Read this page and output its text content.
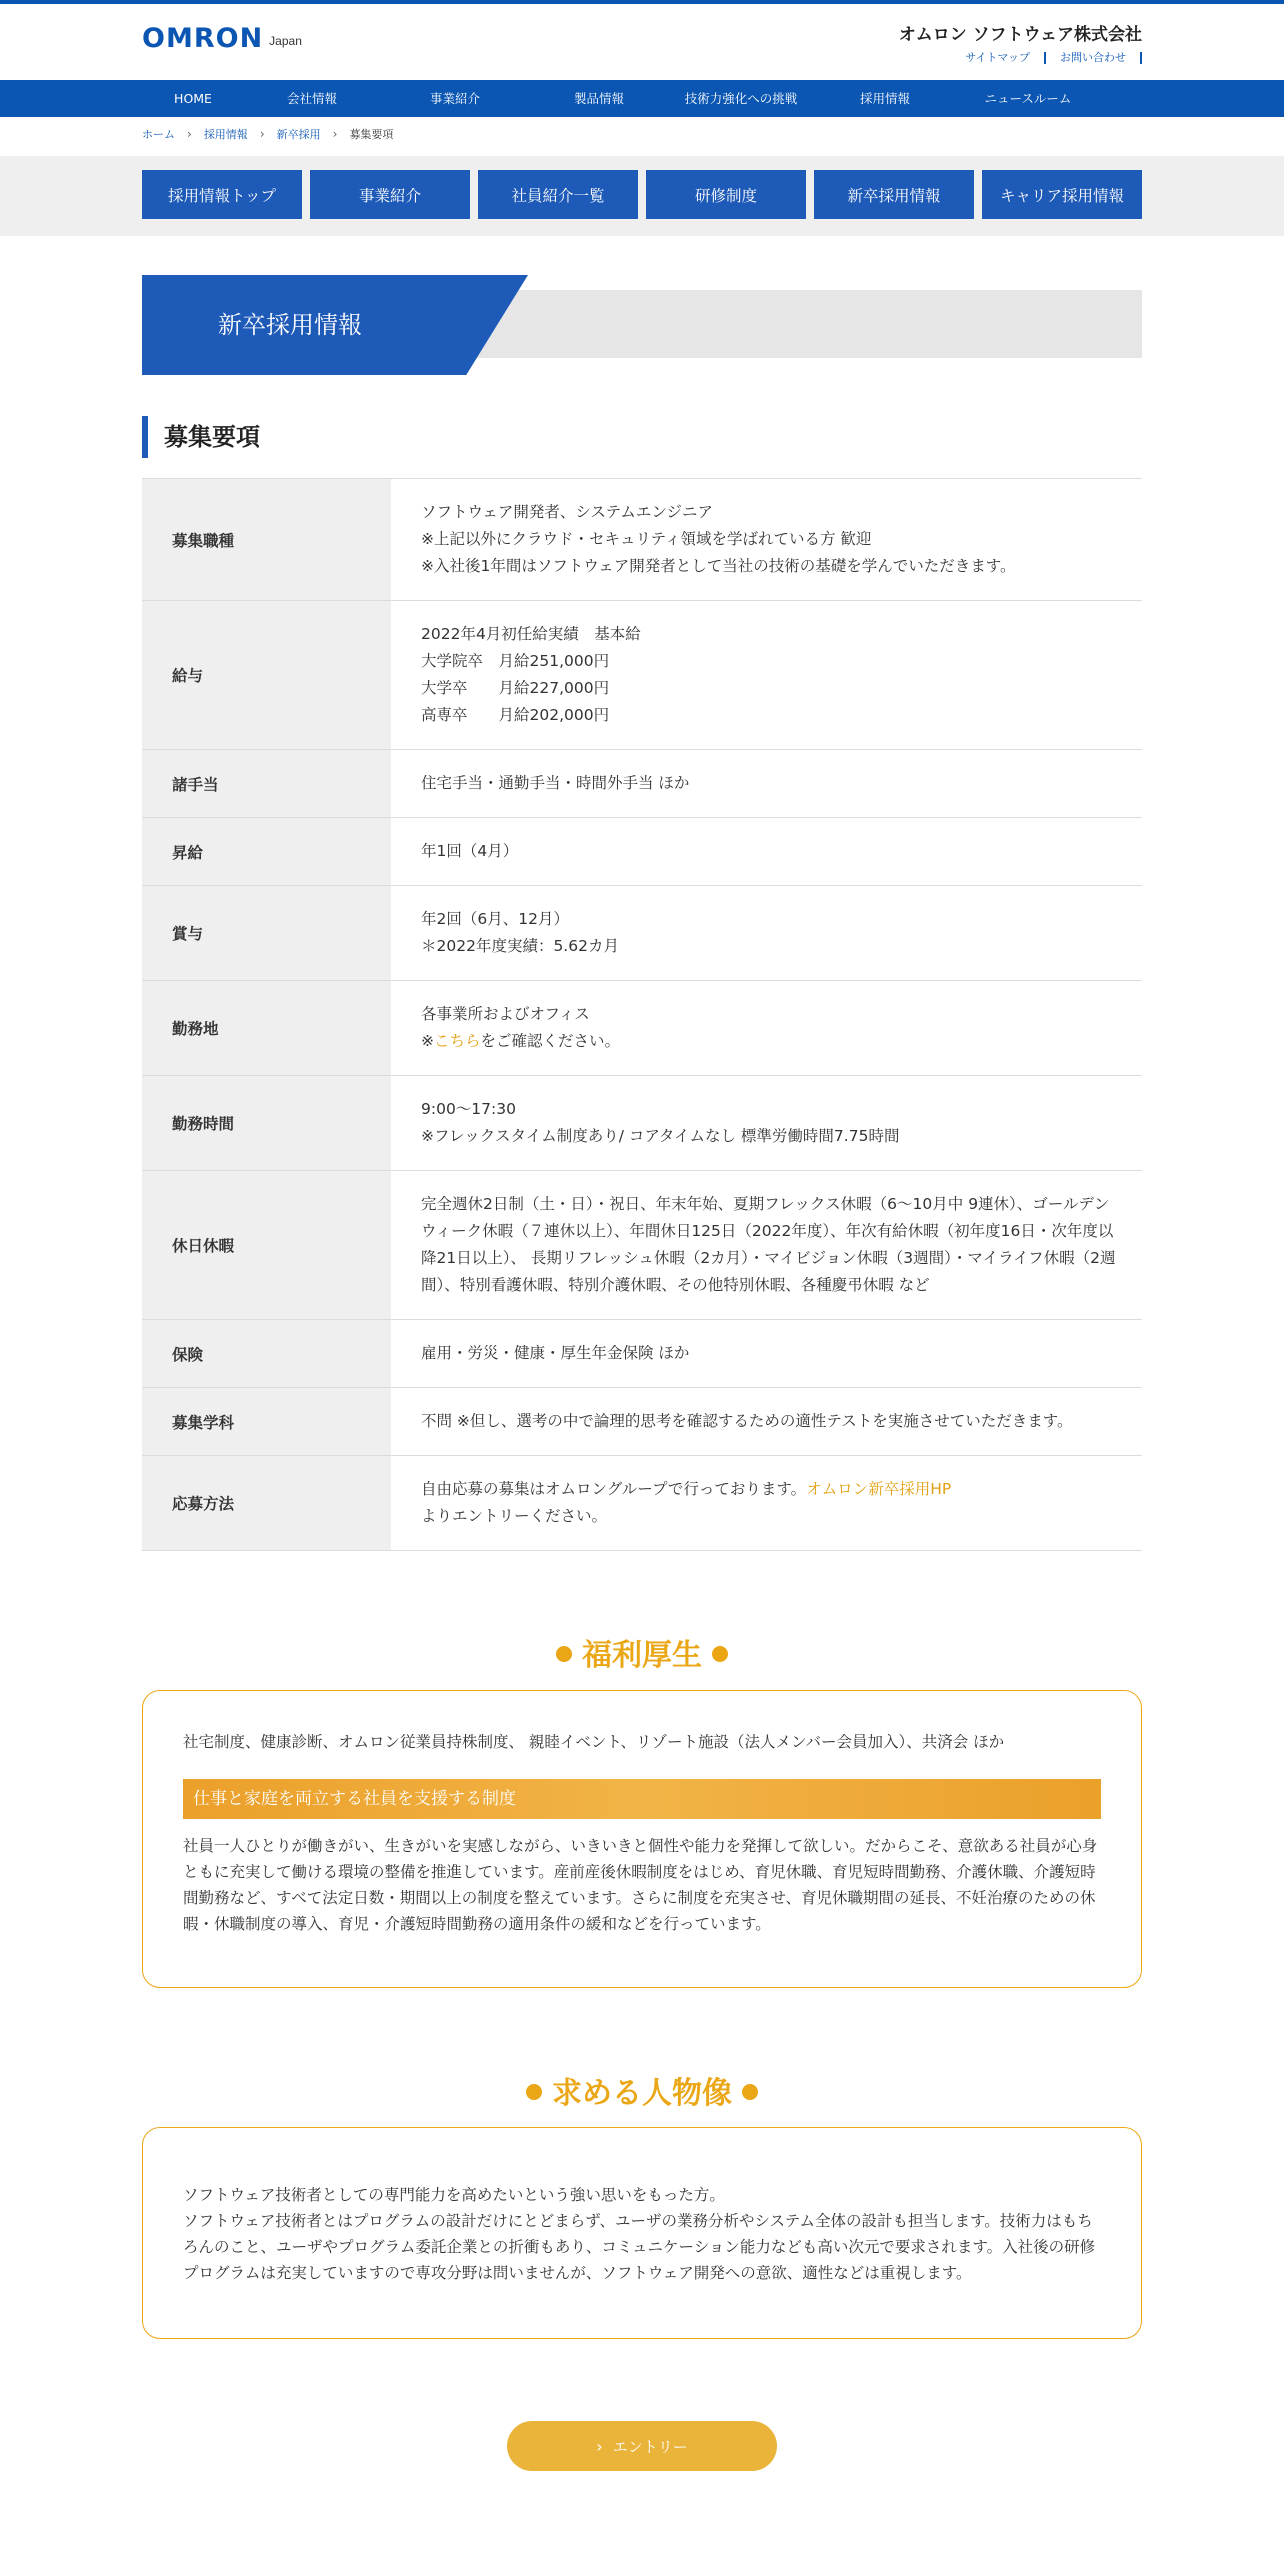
OMRON Japan	オムロン ソフトウェア株式会社
サイトマップ	お問い合わせ
HOME	会社情報	事業紹介	製品情報	技術力強化への挑戦	採用情報	ニュースルーム
ホーム › 採用情報 › 新卒採用 › 募集要項
採用情報トップ	事業紹介	社員紹介一覧	研修制度	新卒採用情報	キャリア採用情報
新卒採用情報
募集要項
募集職種	ソフトウェア開発者、システムエンジニア
※上記以外にクラウド・セキュリティ領域を学ばれている方 歓迎
※入社後1年間はソフトウェア開発者として当社の技術の基礎を学んでいただきます。

給与	2022年4月初任給実績　基本給
大学院卒　月給251,000円
大学卒　　月給227,000円
高専卒　　月給202,000円

諸手当	住宅手当・通勤手当・時間外手当 ほか

昇給	年1回（4月）

賞与	年2回（6月、12月）
＊2022年度実績：5.62カ月

勤務地	各事業所およびオフィス
※こちらをご確認ください。

勤務時間	9:00～17:30
※フレックスタイム制度あり/ コアタイムなし 標準労働時間7.75時間

休日休暇	完全週休2日制（土・日）・祝日、年末年始、夏期フレックス休暇（6～10月中 9連休）、ゴールデンウィーク休暇（７連休以上）、年間休日125日（2022年度）、年次有給休暇（初年度16日・次年度以降21日以上）、 長期リフレッシュ休暇（2カ月）・マイビジョン休暇（3週間）・マイライフ休暇（2週間）、特別看護休暇、特別介護休暇、その他特別休暇、各種慶弔休暇 など
保険	雇用・労災・健康・厚生年金保険 ほか

募集学科	不問 ※但し、選考の中で論理的思考を確認するための適性テストを実施させていただきます。

応募方法	自由応募の募集はオムロングループで行っております。オムロン新卒採用HP
よりエントリーください。
福利厚生

社宅制度、健康診断、オムロン従業員持株制度、 親睦イベント、リゾート施設（法人メンバー会員加入）、共済会 ほか

仕事と家庭を両立する社員を支援する制度

社員一人ひとりが働きがい、生きがいを実感しながら、いきいきと個性や能力を発揮して欲しい。だからこそ、意欲ある社員が心身ともに充実して働ける環境の整備を推進しています。産前産後休暇制度をはじめ、育児休職、育児短時間勤務、介護休職、介護短時間勤務など、すべて法定日数・期間以上の制度を整えています。さらに制度を充実させ、育児休職期間の延長、不妊治療のための休暇・休職制度の導入、育児・介護短時間勤務の適用条件の緩和などを行っています。

求める人物像

ソフトウェア技術者としての専門能力を高めたいという強い思いをもった方。

ソフトウェア技術者とはプログラムの設計だけにとどまらず、ユーザの業務分析やシステム全体の設計も担当します。技術力はもちろんのこと、ユーザやプログラム委託企業との折衝もあり、コミュニケーション能力なども高い次元で要求されます。入社後の研修プログラムは充実していますので専攻分野は問いませんが、ソフトウェア開発への意欲、適性などは重視します。

› エントリー
